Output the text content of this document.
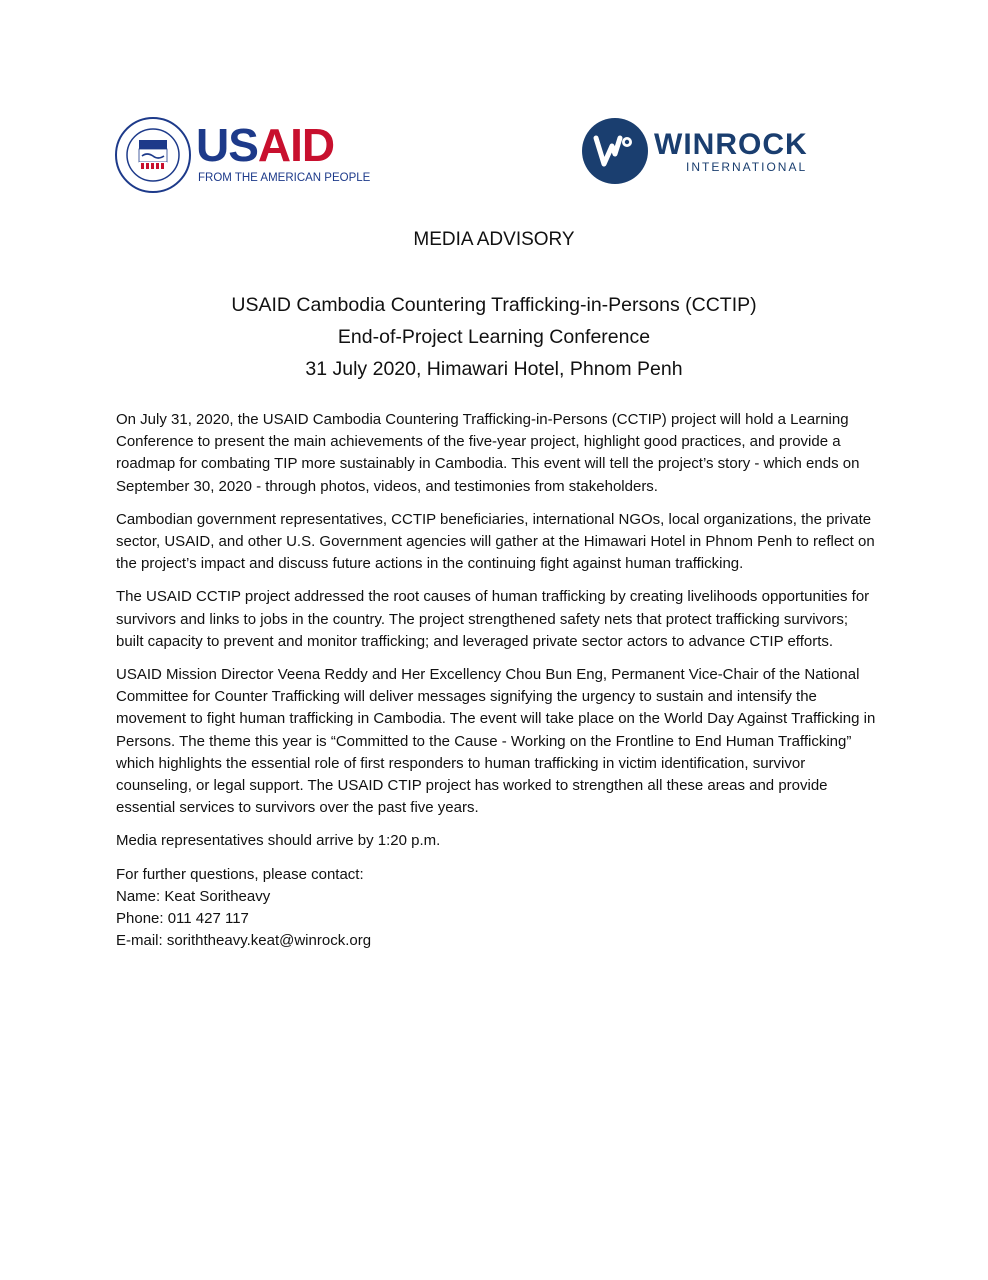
USAID
FROM THE AMERICAN PEOPLE
WINROCK
INTERNATIONAL
MEDIA ADVISORY
USAID Cambodia Countering Trafficking-in-Persons (CCTIP)
End-of-Project Learning Conference
31 July 2020, Himawari Hotel, Phnom Penh

On July 31, 2020, the USAID Cambodia Countering Trafficking-in-Persons (CCTIP) project will hold a Learning Conference to present the main achievements of the five-year project, highlight good practices, and provide a roadmap for combating TIP more sustainably in Cambodia. This event will tell the project’s story - which ends on September 30, 2020 - through photos, videos, and testimonies from stakeholders.

Cambodian government representatives, CCTIP beneficiaries, international NGOs, local organizations, the private sector, USAID, and other U.S. Government agencies will gather at the Himawari Hotel in Phnom Penh to reflect on the project’s impact and discuss future actions in the continuing fight against human trafficking.

The USAID CCTIP project addressed the root causes of human trafficking by creating livelihoods opportunities for survivors and links to jobs in the country. The project strengthened safety nets that protect trafficking survivors; built capacity to prevent and monitor trafficking; and leveraged private sector actors to advance CTIP efforts.

USAID Mission Director Veena Reddy and Her Excellency Chou Bun Eng, Permanent Vice-Chair of the National Committee for Counter Trafficking will deliver messages signifying the urgency to sustain and intensify the movement to fight human trafficking in Cambodia. The event will take place on the World Day Against Trafficking in Persons. The theme this year is “Committed to the Cause - Working on the Frontline to End Human Trafficking” which highlights the essential role of first responders to human trafficking in victim identification, survivor counseling, or legal support. The USAID CTIP project has worked to strengthen all these areas and provide essential services to survivors over the past five years.

Media representatives should arrive by 1:20 p.m.

For further questions, please contact:
Name: Keat Soritheavy
Phone: 011 427 117
E-mail: soriththeavy.keat@winrock.org
